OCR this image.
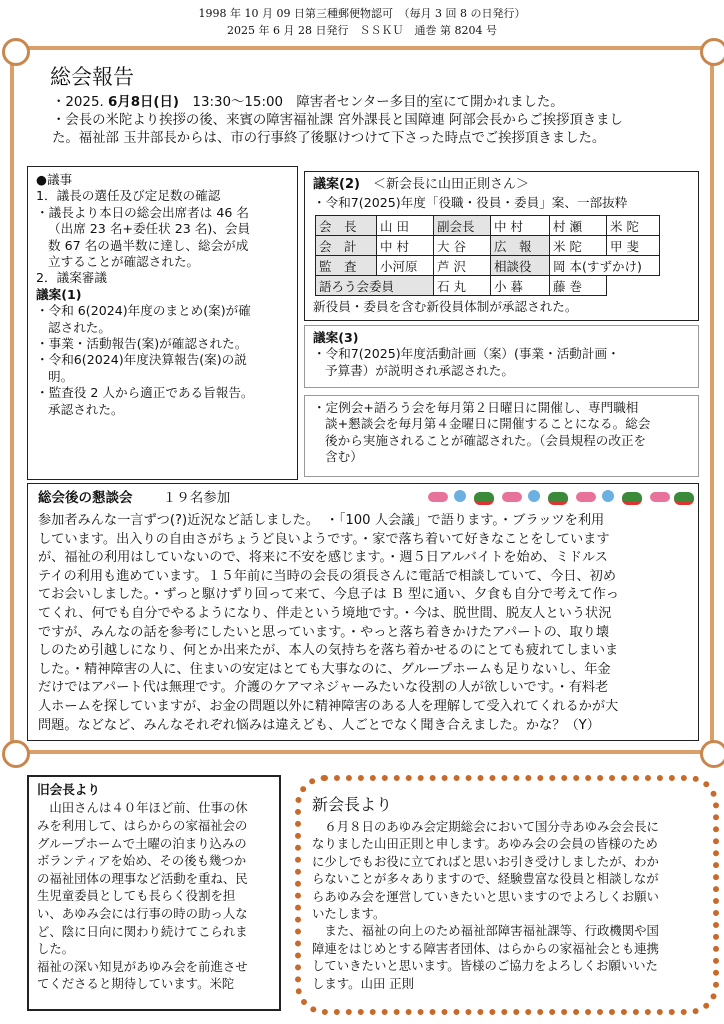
1998 年 10 月 09 日第三種郵便物認可　（毎月 3 回 8 の日発行）
2025 年 6 月 28 日発行　ＳＳＫＵ　通巻 第 8204 号
総会報告

・2025. 6月8日(日)　13:30～15:00　障害者センター多目的室にて開かれました。

・会長の米陀より挨拶の後、来賓の障害福祉課 宮外課長と国障連 阿部会長からご挨拶頂きまし

た。福祉部 玉井部長からは、市の行事終了後駆けつけて下さった時点でご挨拶頂きました。

●議事

1．議長の選任及び定足数の確認

・議長より本日の総会出席者は 46 名

（出席 23 名+委任状 23 名)、会員

数 67 名の過半数に達し、総会が成

立することが確認された。

2．議案審議

議案(1)

・令和 6(2024)年度のまとめ(案)が確

認された。

・事業・活動報告(案)が確認された。

・令和6(2024)年度決算報告(案)の説

明。

・監査役 2 人から適正である旨報告。

承認された。

議案(2)　 ＜新会長に山田正則さん＞
・令和7(2025)年度「役職・役員・委員」案、一部抜粋
会　長	山 田	副会長	中 村	村 瀬	米 陀
会　計	中 村	大 谷	広　報	米 陀	甲 斐
監　査	小河原	芦 沢	相談役	岡 本(すずかけ)	
語ろう会委員		石 丸	小 暮	藤 巻	
新役員・委員を含む新役員体制が承認された。

議案(3)

・令和7(2025)年度活動計画（案）(事業・活動計画・

予算書）が説明され承認された。

・定例会+語ろう会を毎月第２日曜日に開催し、専門職相

談+懇談会を毎月第４金曜日に開催することになる。総会

後から実施されることが確認された。（会員規程の改正を

含む）

総会後の懇談会 １９名参加

参加者みんな一言ずつ(?)近況など話しました。　・「100 人会議」で語ります。・ブラッツを利用

しています。出入りの自由さがちょうど良いようです。・家で落ち着いて好きなことをしています

が、福祉の利用はしていないので、将来に不安を感じます。・週５日アルバイトを始め、ミドルス

テイの利用も進めています。１５年前に当時の会長の須長さんに電話で相談していて、今日、初め

てお会いしました。・ずっと駆けずり回って来て、今息子は Ｂ 型に通い、夕食も自分で考えて作っ

てくれ、何でも自分でやるようになり、伴走という境地です。・今は、脱世間、脱友人という状況

ですが、みんなの話を参考にしたいと思っています。・やっと落ち着きかけたアパートの、取り壊

しのため引越しになり、何とか出来たが、本人の気持ちを落ち着かせるのにとても疲れてしまいま

した。・精神障害の人に、住まいの安定はとても大事なのに、グループホームも足りないし、年金

だけではアパート代は無理です。介護のケアマネジャーみたいな役割の人が欲しいです。・有料老

人ホームを探していますが、お金の問題以外に精神障害のある人を理解して受入れてくれるかが大

問題。などなど、みんなそれぞれ悩みは違えども、人ごとでなく聞き合えました。かな？（Y）

旧会長より

　山田さんは４０年ほど前、仕事の休

みを利用して、はらからの家福祉会の

グループホームで土曜の泊まり込みの

ボランティアを始め、その後も幾つか

の福祉団体の理事など活動を重ね、民

生児童委員としても長らく役割を担

い、あゆみ会には行事の時の助っ人な

ど、陰に日向に関わり続けてこられま

した。

福祉の深い知見があゆみ会を前進させ

てくださると期待しています。米陀

新会長より

　６月８日のあゆみ会定期総会において国分寺あゆみ会会長に

なりました山田正則と申します。あゆみ会の会員の皆様のため

に少しでもお役に立てればと思いお引き受けしましたが、わか

らないことが多々ありますので、経験豊富な役員と相談しなが

らあゆみ会を運営していきたいと思いますのでよろしくお願い

いたします。

　また、福祉の向上のため福祉部障害福祉課等、行政機関や国

障連をはじめとする障害者団体、はらからの家福祉会とも連携

していきたいと思います。皆様のご協力をよろしくお願いいた

します。山田 正則
